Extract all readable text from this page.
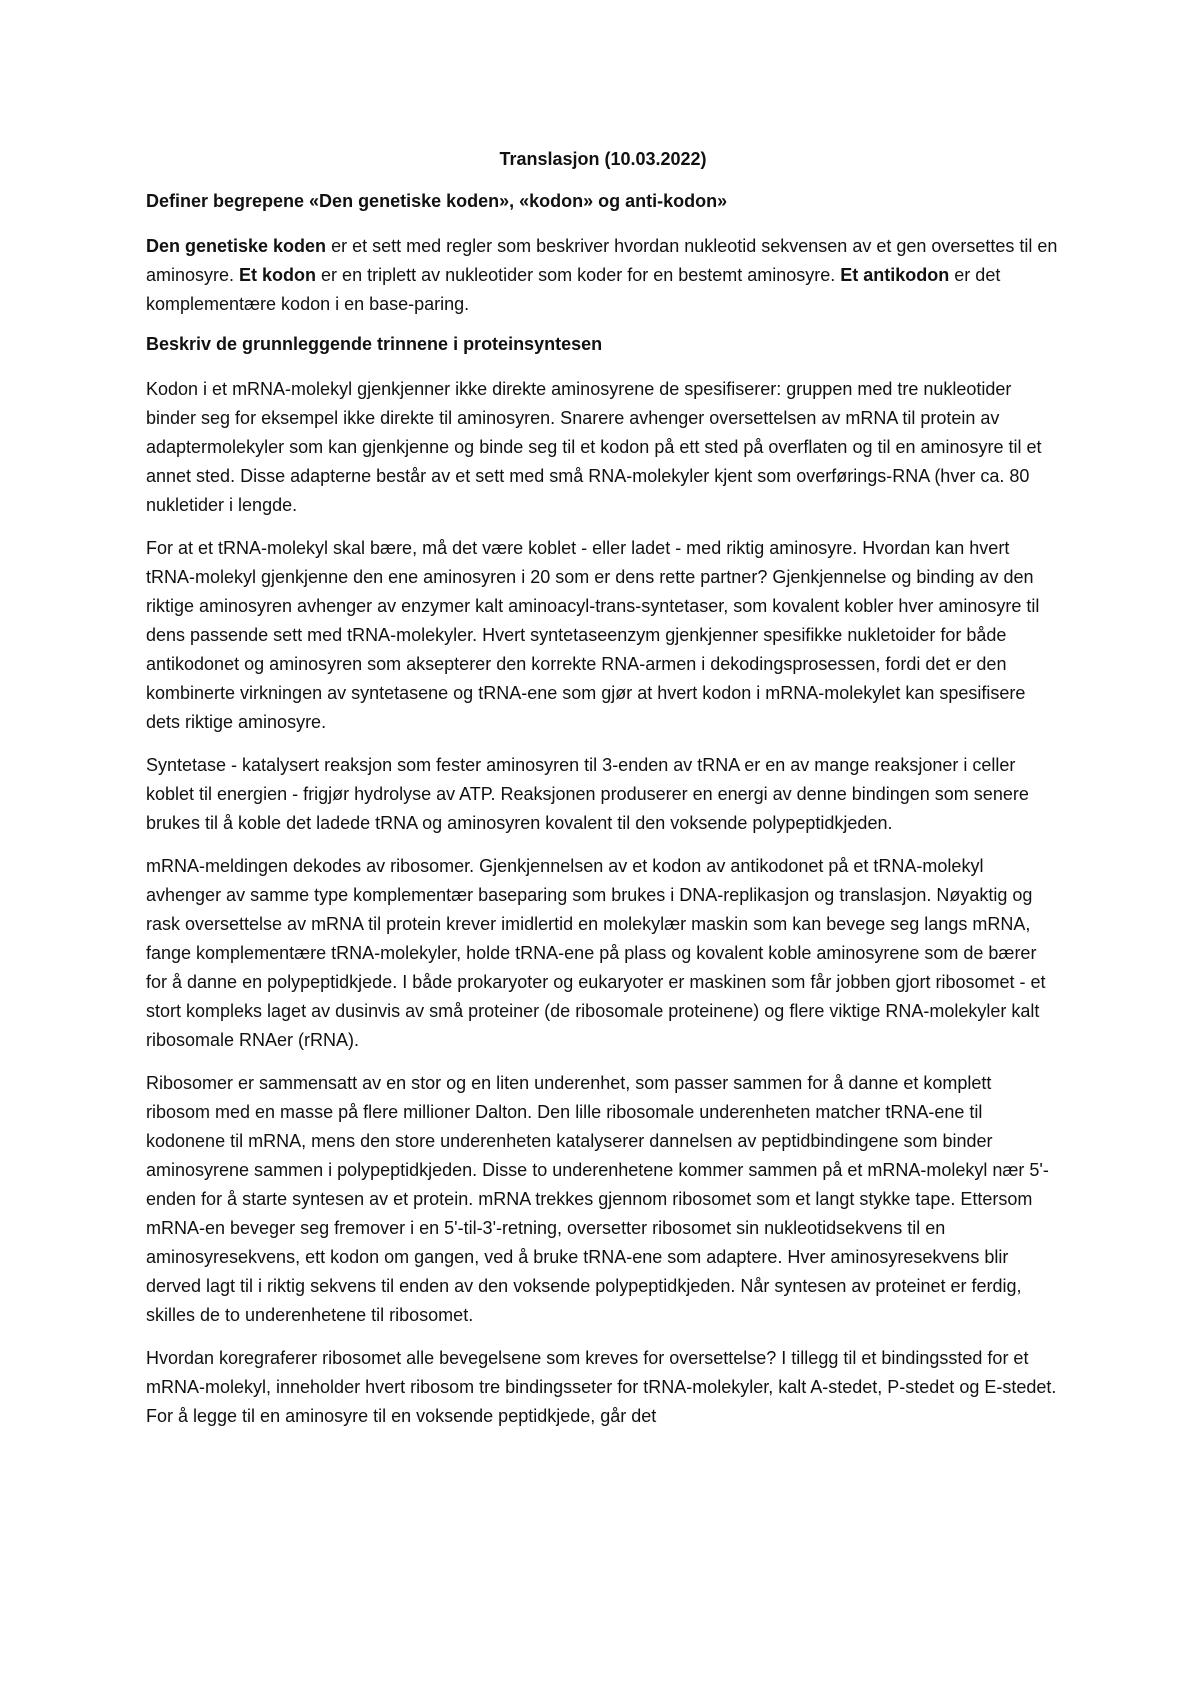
Translasjon (10.03.2022)
Definer begrepene «Den genetiske koden», «kodon» og anti-kodon»

Den genetiske koden er et sett med regler som beskriver hvordan nukleotid sekvensen av et gen oversettes til en aminosyre. Et kodon er en triplett av nukleotider som koder for en bestemt aminosyre. Et antikodon er det komplementære kodon i en base-paring.

Beskriv de grunnleggende trinnene i proteinsyntesen

Kodon i et mRNA-molekyl gjenkjenner ikke direkte aminosyrene de spesifiserer: gruppen med tre nukleotider binder seg for eksempel ikke direkte til aminosyren. Snarere avhenger oversettelsen av mRNA til protein av adaptermolekyler som kan gjenkjenne og binde seg til et kodon på ett sted på overflaten og til en aminosyre til et annet sted. Disse adapterne består av et sett med små RNA-molekyler kjent som overførings-RNA (hver ca. 80 nukletider i lengde.

For at et tRNA-molekyl skal bære, må det være koblet - eller ladet - med riktig aminosyre. Hvordan kan hvert tRNA-molekyl gjenkjenne den ene aminosyren i 20 som er dens rette partner? Gjenkjennelse og binding av den riktige aminosyren avhenger av enzymer kalt aminoacyl-trans-syntetaser, som kovalent kobler hver aminosyre til dens passende sett med tRNA-molekyler. Hvert syntetaseenzym gjenkjenner spesifikke nukletoider for både antikodonet og aminosyren som aksepterer den korrekte RNA-armen i dekodingsprosessen, fordi det er den kombinerte virkningen av syntetasene og tRNA-ene som gjør at hvert kodon i mRNA-molekylet kan spesifisere dets riktige aminosyre.

Syntetase - katalysert reaksjon som fester aminosyren til 3-enden av tRNA er en av mange reaksjoner i celler koblet til energien - frigjør hydrolyse av ATP. Reaksjonen produserer en energi av denne bindingen som senere brukes til å koble det ladede tRNA og aminosyren kovalent til den voksende polypeptidkjeden.

mRNA-meldingen dekodes av ribosomer. Gjenkjennelsen av et kodon av antikodonet på et tRNA-molekyl avhenger av samme type komplementær baseparing som brukes i DNA-replikasjon og translasjon. Nøyaktig og rask oversettelse av mRNA til protein krever imidlertid en molekylær maskin som kan bevege seg langs mRNA, fange komplementære tRNA-molekyler, holde tRNA-ene på plass og kovalent koble aminosyrene som de bærer for å danne en polypeptidkjede. I både prokaryoter og eukaryoter er maskinen som får jobben gjort ribosomet - et stort kompleks laget av dusinvis av små proteiner (de ribosomale proteinene) og flere viktige RNA-molekyler kalt ribosomale RNAer (rRNA).

Ribosomer er sammensatt av en stor og en liten underenhet, som passer sammen for å danne et komplett ribosom med en masse på flere millioner Dalton. Den lille ribosomale underenheten matcher tRNA-ene til kodonene til mRNA, mens den store underenheten katalyserer dannelsen av peptidbindingene som binder aminosyrene sammen i polypeptidkjeden. Disse to underenhetene kommer sammen på et mRNA-molekyl nær 5'-enden for å starte syntesen av et protein. mRNA trekkes gjennom ribosomet som et langt stykke tape. Ettersom mRNA-en beveger seg fremover i en 5'-til-3'-retning, oversetter ribosomet sin nukleotidsekvens til en aminosyresekvens, ett kodon om gangen, ved å bruke tRNA-ene som adaptere. Hver aminosyresekvens blir derved lagt til i riktig sekvens til enden av den voksende polypeptidkjeden. Når syntesen av proteinet er ferdig, skilles de to underenhetene til ribosomet.

Hvordan koregraferer ribosomet alle bevegelsene som kreves for oversettelse? I tillegg til et bindingssted for et mRNA-molekyl, inneholder hvert ribosom tre bindingsseter for tRNA-molekyler, kalt A-stedet, P-stedet og E-stedet. For å legge til en aminosyre til en voksende peptidkjede, går det
